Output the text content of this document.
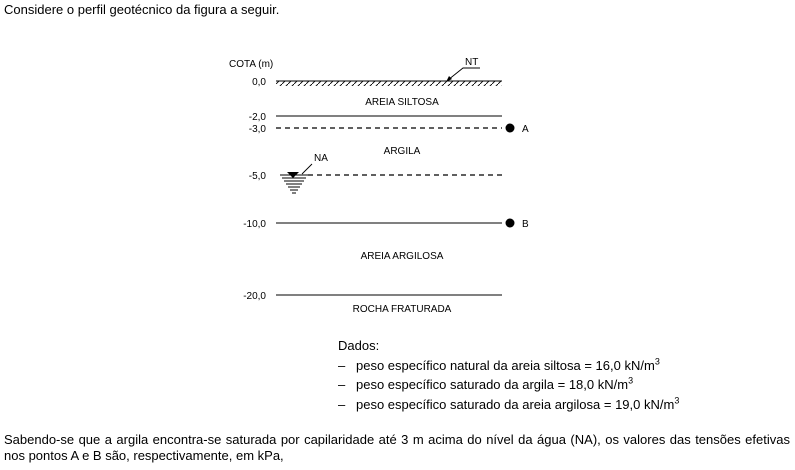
Considere o perfil geotécnico da figura a seguir.
COTA (m)	NT
0,0
-2,0
-3,0
-5,0
-10,0
-20,0
AREIA SILTOSA
ARGILA
AREIA ARGILOSA
ROCHA FRATURADA
NA
A
B
Dados:
– peso específico natural da areia siltosa = 16,0 $kN/m^3$
– peso específico saturado da argila = 18,0 $kN/m^3$
– peso específico saturado da areia argilosa = 19,0 $kN/m^3$
Sabendo-se que a argila encontra-se saturada por capilaridade até 3 m acima do nível da água (NA), os valores das tensões efetivas nos pontos A e B são, respectivamente, em kPa,
